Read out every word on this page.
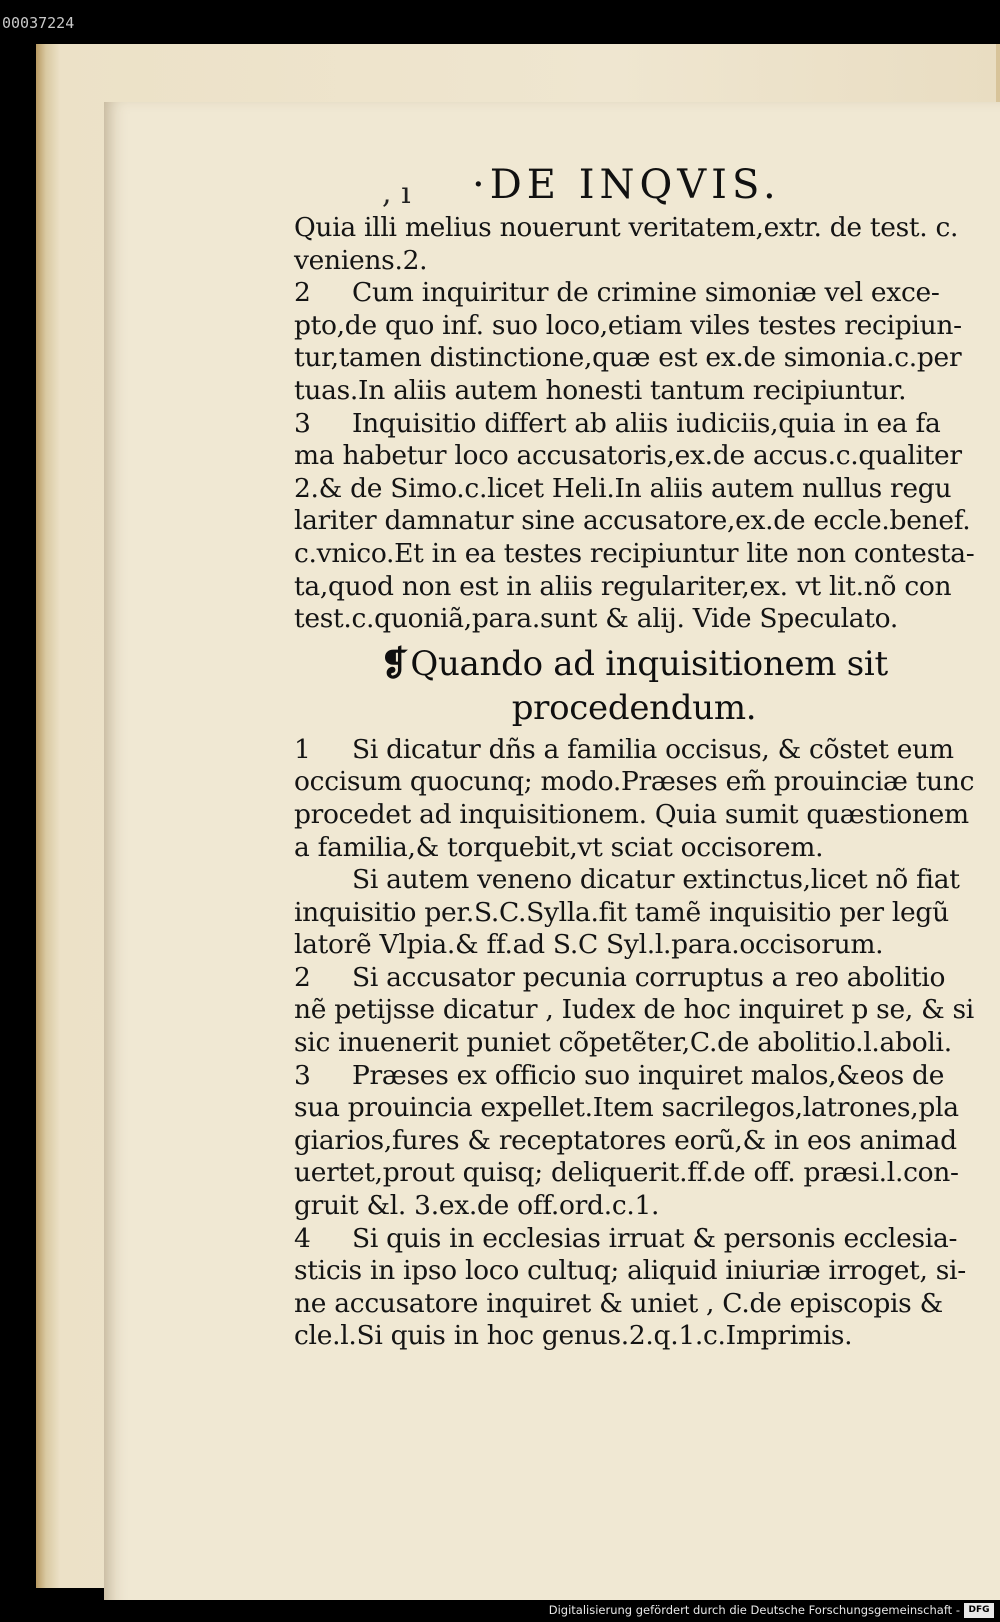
00037224
, ı ·DE INQVIS.
Quia illi melius nouerunt veritatem,extr. de test. c.
veniens.2.
2 Cum inquiritur de crimine simoniæ vel exce-
pto,de quo inf. suo loco,etiam viles testes recipiun-
tur,tamen distinctione,quæ est ex.de simonia.c.per
tuas.In aliis autem honesti tantum recipiuntur.
3 Inquisitio differt ab aliis iudiciis,quia in ea fa
ma habetur loco accusatoris,ex.de accus.c.qualiter
2.& de Simo.c.licet Heli.In aliis autem nullus regu
lariter damnatur sine accusatore,ex.de eccle.benef.
c.vnico.Et in ea testes recipiuntur lite non contesta-
ta,quod non est in aliis regulariter,ex. vt lit.nõ con
test.c.quoniã,para.sunt & alij. Vide Speculato.
❡Quando ad inquisitionem sit
procedendum.
1 Si dicatur dñs a familia occisus, & cõstet eum
occisum quocunq; modo.Præses em̃ prouinciæ tunc
procedet ad inquisitionem. Quia sumit quæstionem
a familia,& torquebit,vt sciat occisorem.
Si autem veneno dicatur extinctus,licet nõ fiat
inquisitio per.S.C.Sylla.fit tamẽ inquisitio per legũ
latorẽ Vlpia.& ff.ad S.C Syl.l.para.occisorum.
2 Si accusator pecunia corruptus a reo abolitio
nẽ petijsse dicatur , Iudex de hoc inquiret p se, & si
sic inuenerit puniet cõpetẽter,C.de abolitio.l.aboli.
3 Præses ex officio suo inquiret malos,&eos de
sua prouincia expellet.Item sacrilegos,latrones,pla
giarios,fures & receptatores eorũ,& in eos animad
uertet,prout quisq; deliquerit.ff.de off. præsi.l.con-
gruit &l. 3.ex.de off.ord.c.1.
4 Si quis in ecclesias irruat & personis ecclesia-
sticis in ipso loco cultuq; aliquid iniuriæ irroget, si-
ne accusatore inquiret & uniet , C.de episcopis &
cle.l.Si quis in hoc genus.2.q.1.c.Imprimis.
Digitalisierung gefördert durch die Deutsche Forschungsgemeinschaft - DFG
